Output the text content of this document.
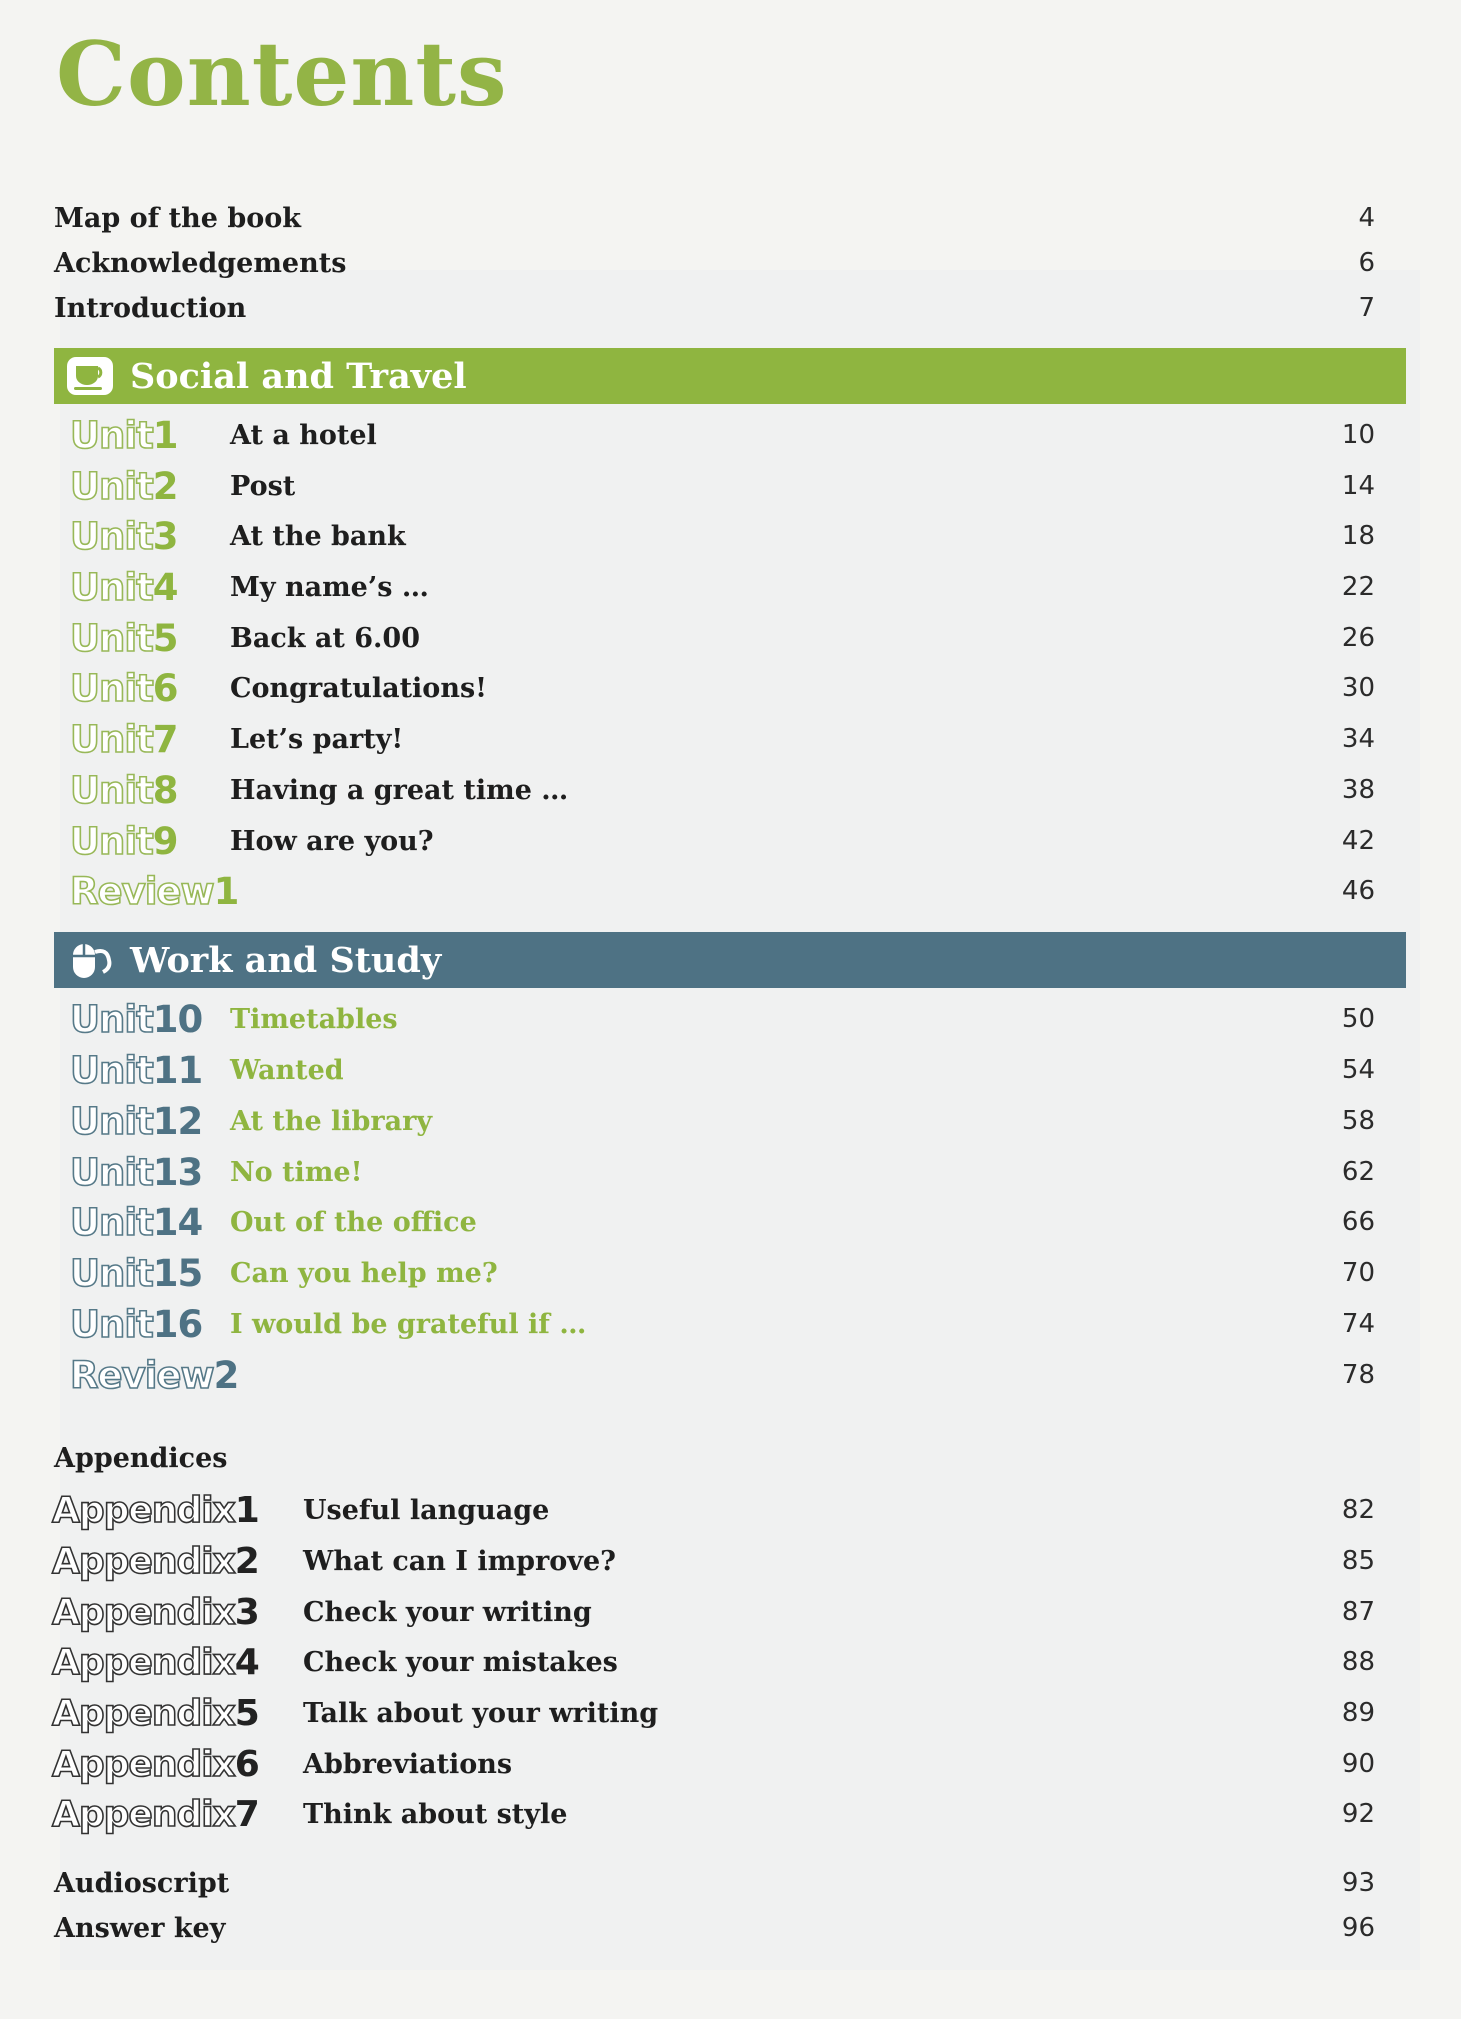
Contents
Map of the book	4
Acknowledgements	6
Introduction	7
Social and Travel
Unit1 At a hotel	10
Unit2 Post	14
Unit3 At the bank	18
Unit4 My name’s …	22
Unit5 Back at 6.00	26
Unit6 Congratulations!	30
Unit7 Let’s party!	34
Unit8 Having a great time …	38
Unit9 How are you?	42
Review1	46
Work and Study
Unit10 Timetables	50
Unit11 Wanted	54
Unit12 At the library	58
Unit13 No time!	62
Unit14 Out of the office	66
Unit15 Can you help me?	70
Unit16 I would be grateful if …	74
Review2	78
Appendices
Appendix1 Useful language	82
Appendix2 What can I improve?	85
Appendix3 Check your writing	87
Appendix4 Check your mistakes	88
Appendix5 Talk about your writing	89
Appendix6 Abbreviations	90
Appendix7 Think about style	92
Audioscript	93
Answer key	96
